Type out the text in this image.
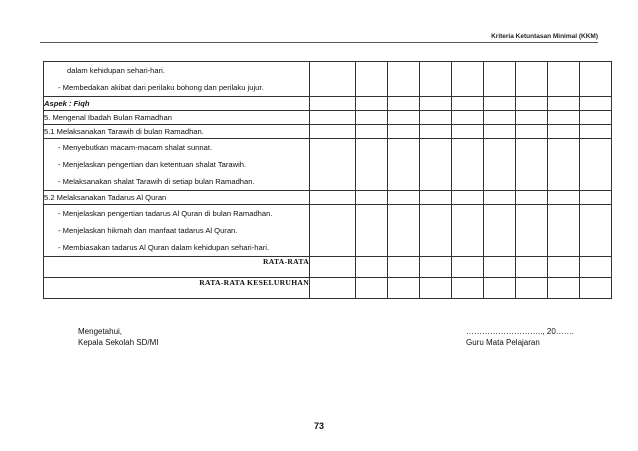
Kriteria Ketuntasan Minimal (KKM)
dalam kehidupan sehari-hari.
- Membedakan akibat dari perilaku bohong dan perilaku jujur.									

Aspek : Fiqh									

5. Mengenal Ibadah Bulan Ramadhan									

5.1 Melaksanakan Tarawih di bulan Ramadhan.									

- Menyebutkan macam-macam shalat sunnat.
- Menjelaskan pengertian dan ketentuan shalat Tarawih.
- Melaksanakan shalat Tarawih di setiap bulan Ramadhan.									

5.2 Melaksanakan Tadarus Al Quran									

- Menjelaskan pengertian tadarus Al Quran di bulan Ramadhan.
- Menjelaskan hikmah dan manfaat tadarus Al Quran.
- Membiasakan tadarus Al Quran dalam kehidupan sehari-hari.									

RATA-RATA									
RATA-RATA KESELURUHAN									
Mengetahui,
Kepala Sekolah SD/MI
……………………….., 20…….
Guru Mata Pelajaran
73
